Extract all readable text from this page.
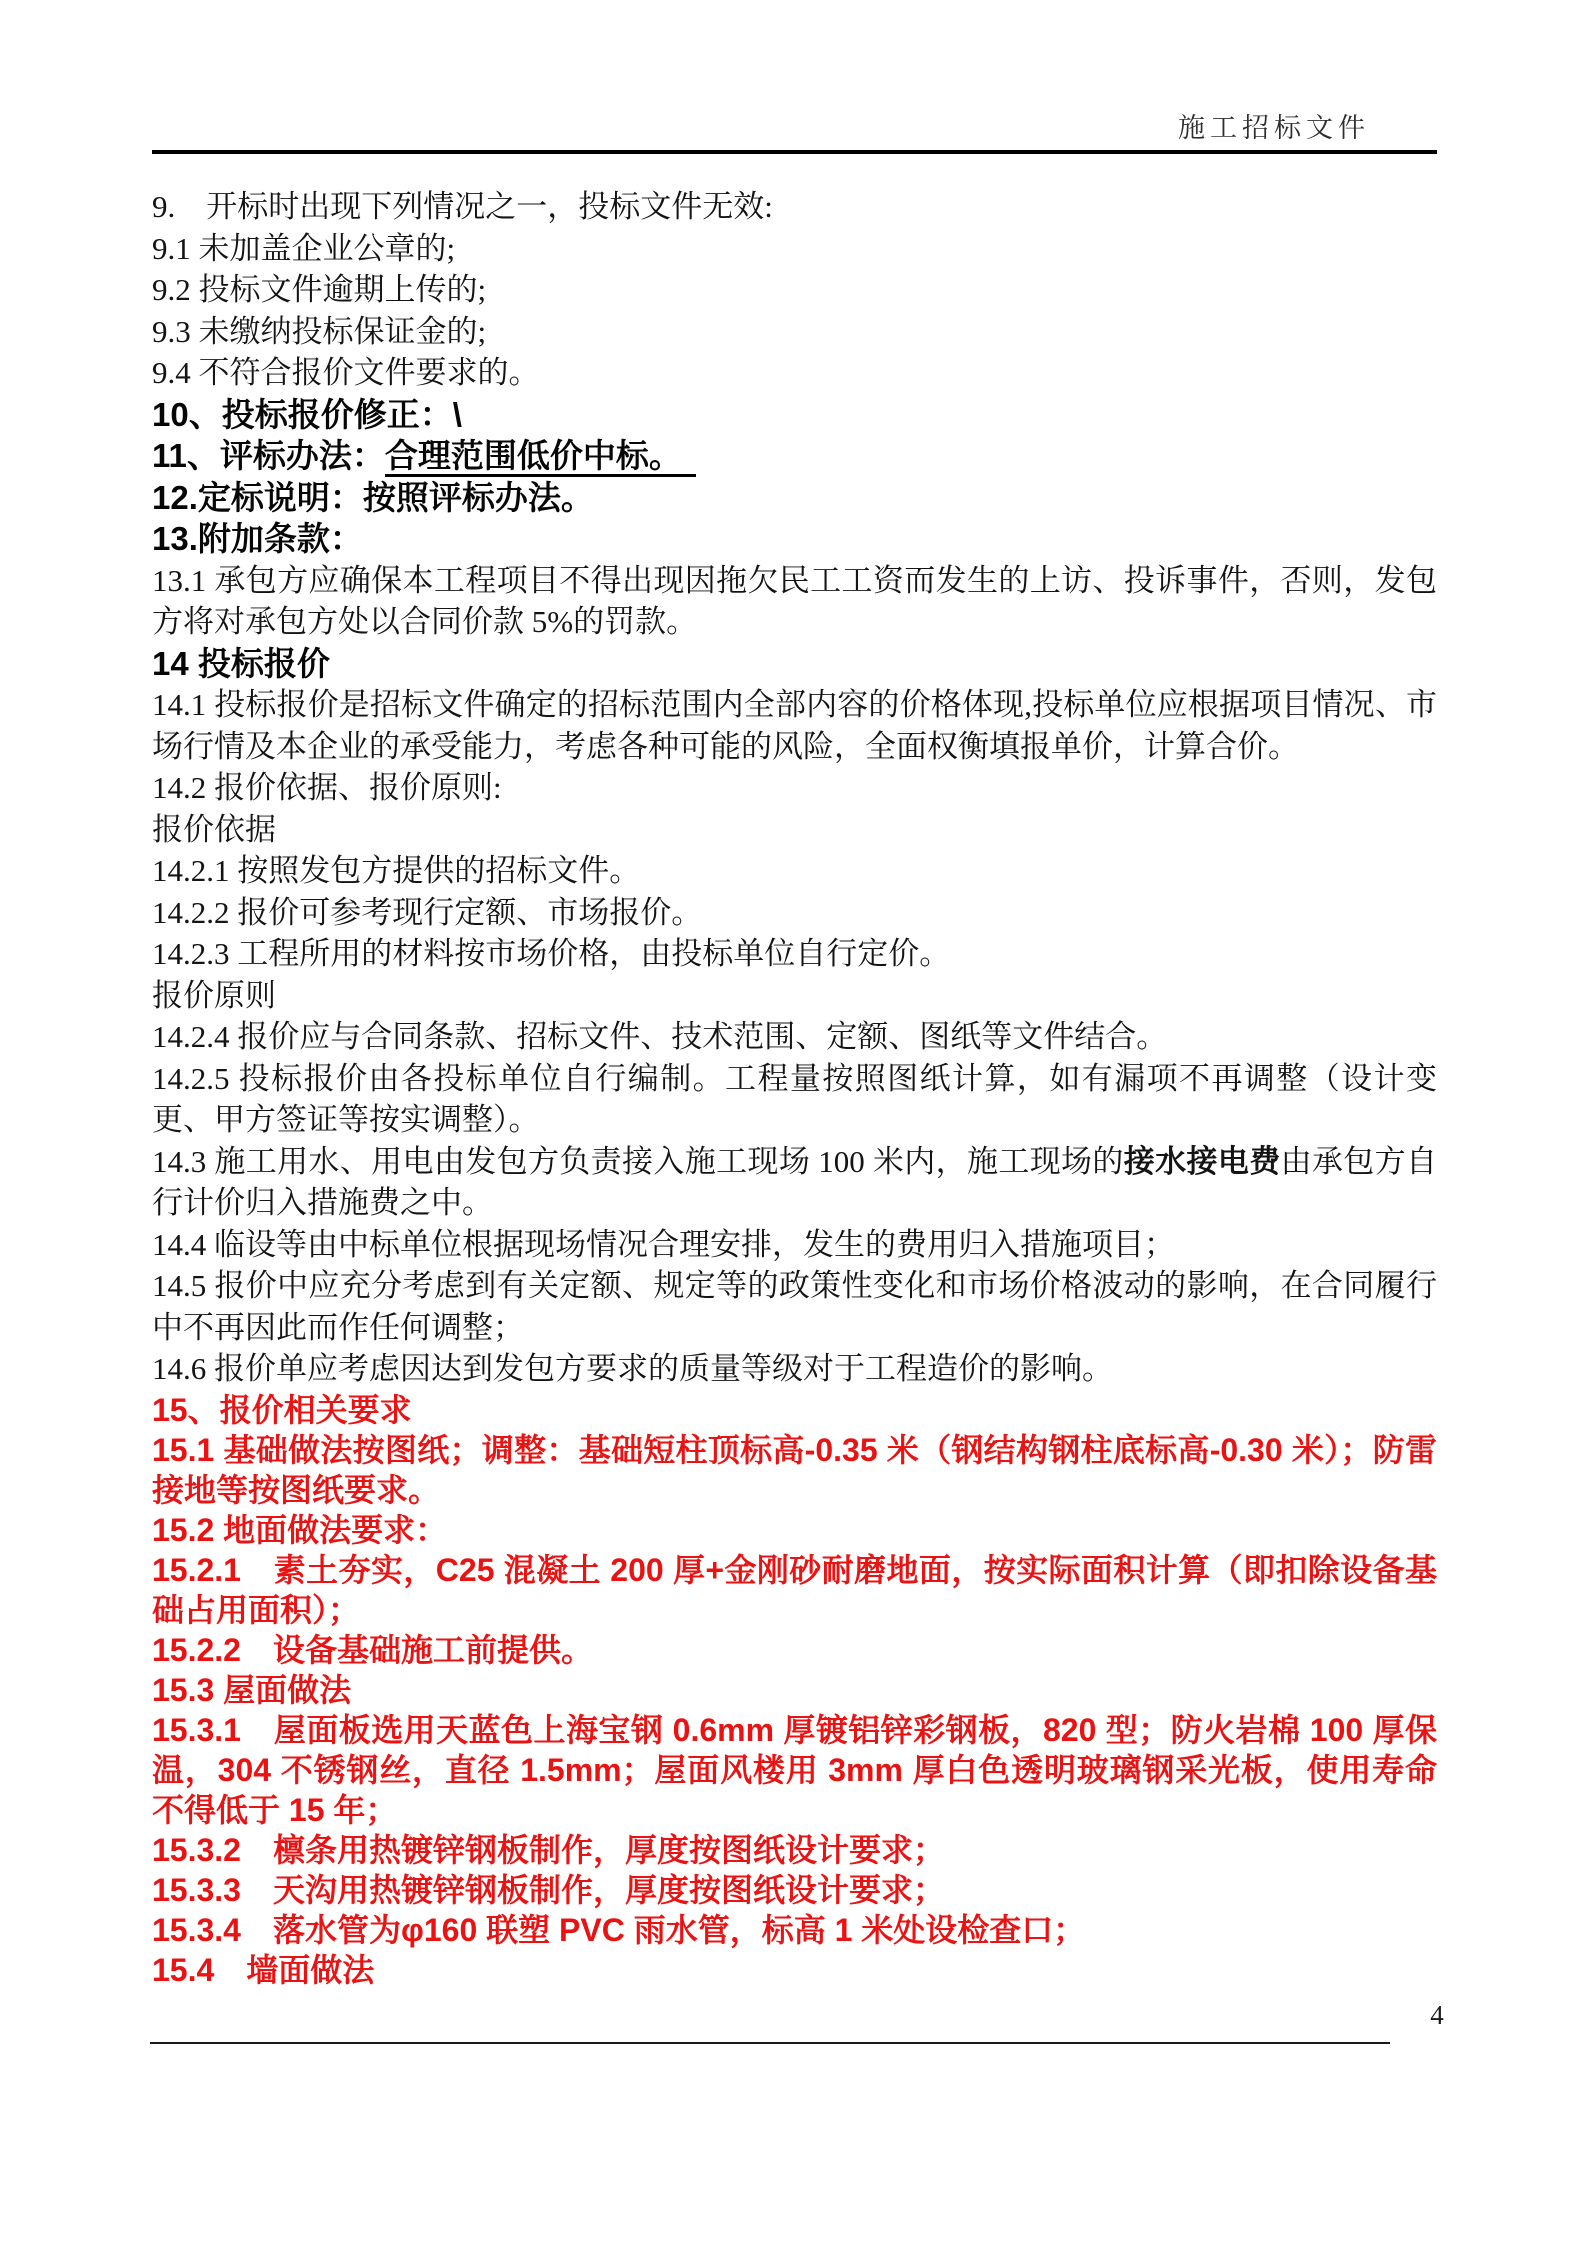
施工招标文件

9.　开标时出现下列情况之一，投标文件无效:

9.1 未加盖企业公章的;

9.2 投标文件逾期上传的;

9.3 未缴纳投标保证金的;

9.4 不符合报价文件要求的。

10、投标报价修正：\

11、评标办法：合理范围低价中标。

12.定标说明：按照评标办法。

13.附加条款：

13.1 承包方应确保本工程项目不得出现因拖欠民工工资而发生的上访、投诉事件，否则，发包方将对承包方处以合同价款 5%的罚款。

14 投标报价

14.1 投标报价是招标文件确定的招标范围内全部内容的价格体现,投标单位应根据项目情况、市场行情及本企业的承受能力，考虑各种可能的风险，全面权衡填报单价，计算合价。

14.2 报价依据、报价原则:

报价依据

14.2.1 按照发包方提供的招标文件。

14.2.2 报价可参考现行定额、市场报价。

14.2.3 工程所用的材料按市场价格，由投标单位自行定价。

报价原则

14.2.4 报价应与合同条款、招标文件、技术范围、定额、图纸等文件结合。

14.2.5 投标报价由各投标单位自行编制。工程量按照图纸计算，如有漏项不再调整（设计变更、甲方签证等按实调整）。

14.3 施工用水、用电由发包方负责接入施工现场 100 米内，施工现场的接水接电费由承包方自行计价归入措施费之中。

14.4 临设等由中标单位根据现场情况合理安排，发生的费用归入措施项目；

14.5 报价中应充分考虑到有关定额、规定等的政策性变化和市场价格波动的影响，在合同履行中不再因此而作任何调整；

14.6 报价单应考虑因达到发包方要求的质量等级对于工程造价的影响。

15、报价相关要求

15.1 基础做法按图纸；调整：基础短柱顶标高-0.35 米（钢结构钢柱底标高-0.30 米）；防雷接地等按图纸要求。

15.2 地面做法要求：

15.2.1　素土夯实，C25 混凝土 200 厚+金刚砂耐磨地面，按实际面积计算（即扣除设备基础占用面积）；

15.2.2　设备基础施工前提供。

15.3 屋面做法

15.3.1　屋面板选用天蓝色上海宝钢 0.6mm 厚镀铝锌彩钢板，820 型；防火岩棉 100 厚保温，304 不锈钢丝，直径 1.5mm；屋面风楼用 3mm 厚白色透明玻璃钢采光板，使用寿命不得低于 15 年；

15.3.2　檩条用热镀锌钢板制作，厚度按图纸设计要求；

15.3.3　天沟用热镀锌钢板制作，厚度按图纸设计要求；

15.3.4　落水管为φ160 联塑 PVC 雨水管，标高 1 米处设检查口；

15.4　墙面做法

4
